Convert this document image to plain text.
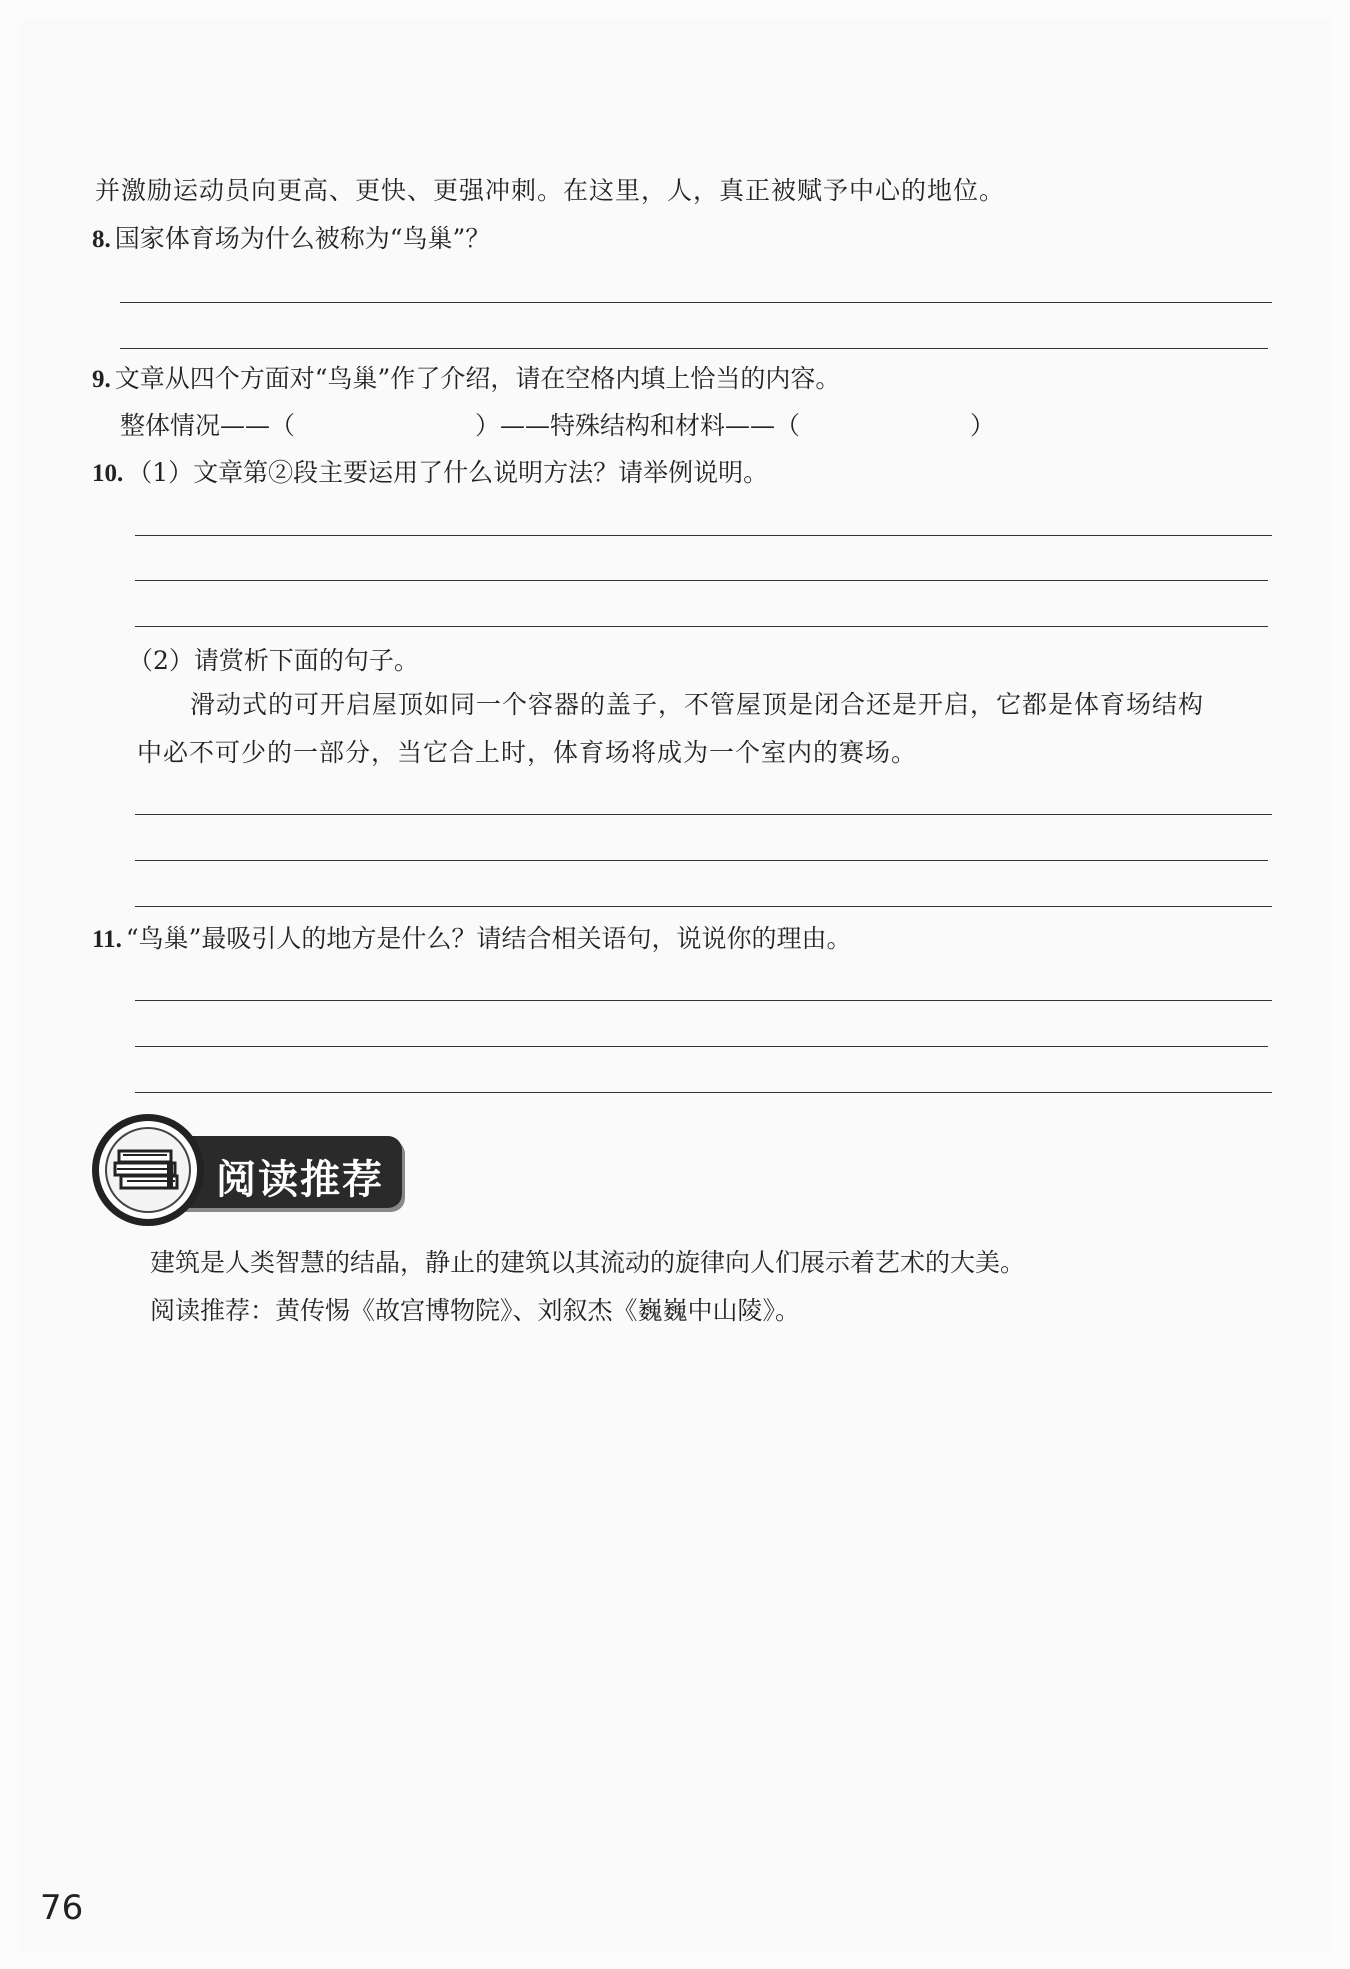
并激励运动员向更高、更快、更强冲刺。在这里，人，真正被赋予中心的地位。
8. 国家体育场为什么被称为“鸟巢”？
9. 文章从四个方面对“鸟巢”作了介绍，请在空格内填上恰当的内容。
整体情况——（	）——特殊结构和材料——（	）
10. （1）文章第②段主要运用了什么说明方法？请举例说明。
（2）请赏析下面的句子。
滑动式的可开启屋顶如同一个容器的盖子，不管屋顶是闭合还是开启，它都是体育场结构
中必不可少的一部分，当它合上时，体育场将成为一个室内的赛场。
11. “鸟巢”最吸引人的地方是什么？请结合相关语句，说说你的理由。
阅读推荐
建筑是人类智慧的结晶，静止的建筑以其流动的旋律向人们展示着艺术的大美。
阅读推荐：黄传惕《故宫博物院》、刘叙杰《巍巍中山陵》。
76
